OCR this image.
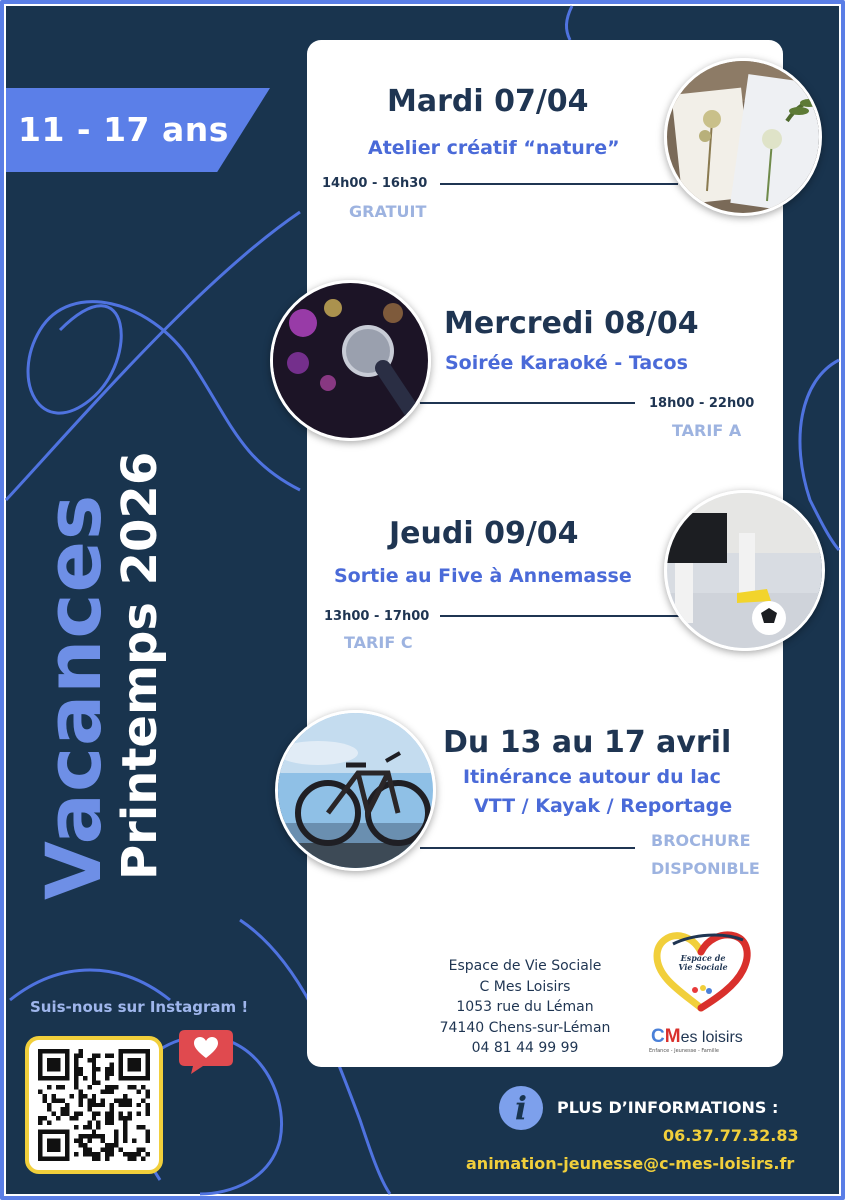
11 - 17 ans
Vacances
Printemps 2026
Mardi 07/04
Atelier créatif “nature”
14h00 - 16h30
GRATUIT
Mercredi 08/04
Soirée Karaoké - Tacos
18h00 - 22h00
TARIF A
Jeudi 09/04
Sortie au Five à Annemasse
13h00 - 17h00
TARIF C
Du 13 au 17 avril
Itinérance autour du lac
VTT / Kayak / Reportage
BROCHURE
DISPONIBLE
Espace de Vie Sociale
C Mes Loisirs
1053 rue du Léman
74140 Chens-sur-Léman
04 81 44 99 99
Espace de Vie Sociale
CMes loisirs
Enfance - Jeunesse - Famille
Suis-nous sur Instagram !
i	PLUS D’INFORMATIONS :
06.37.77.32.83
animation-jeunesse@c-mes-loisirs.fr
